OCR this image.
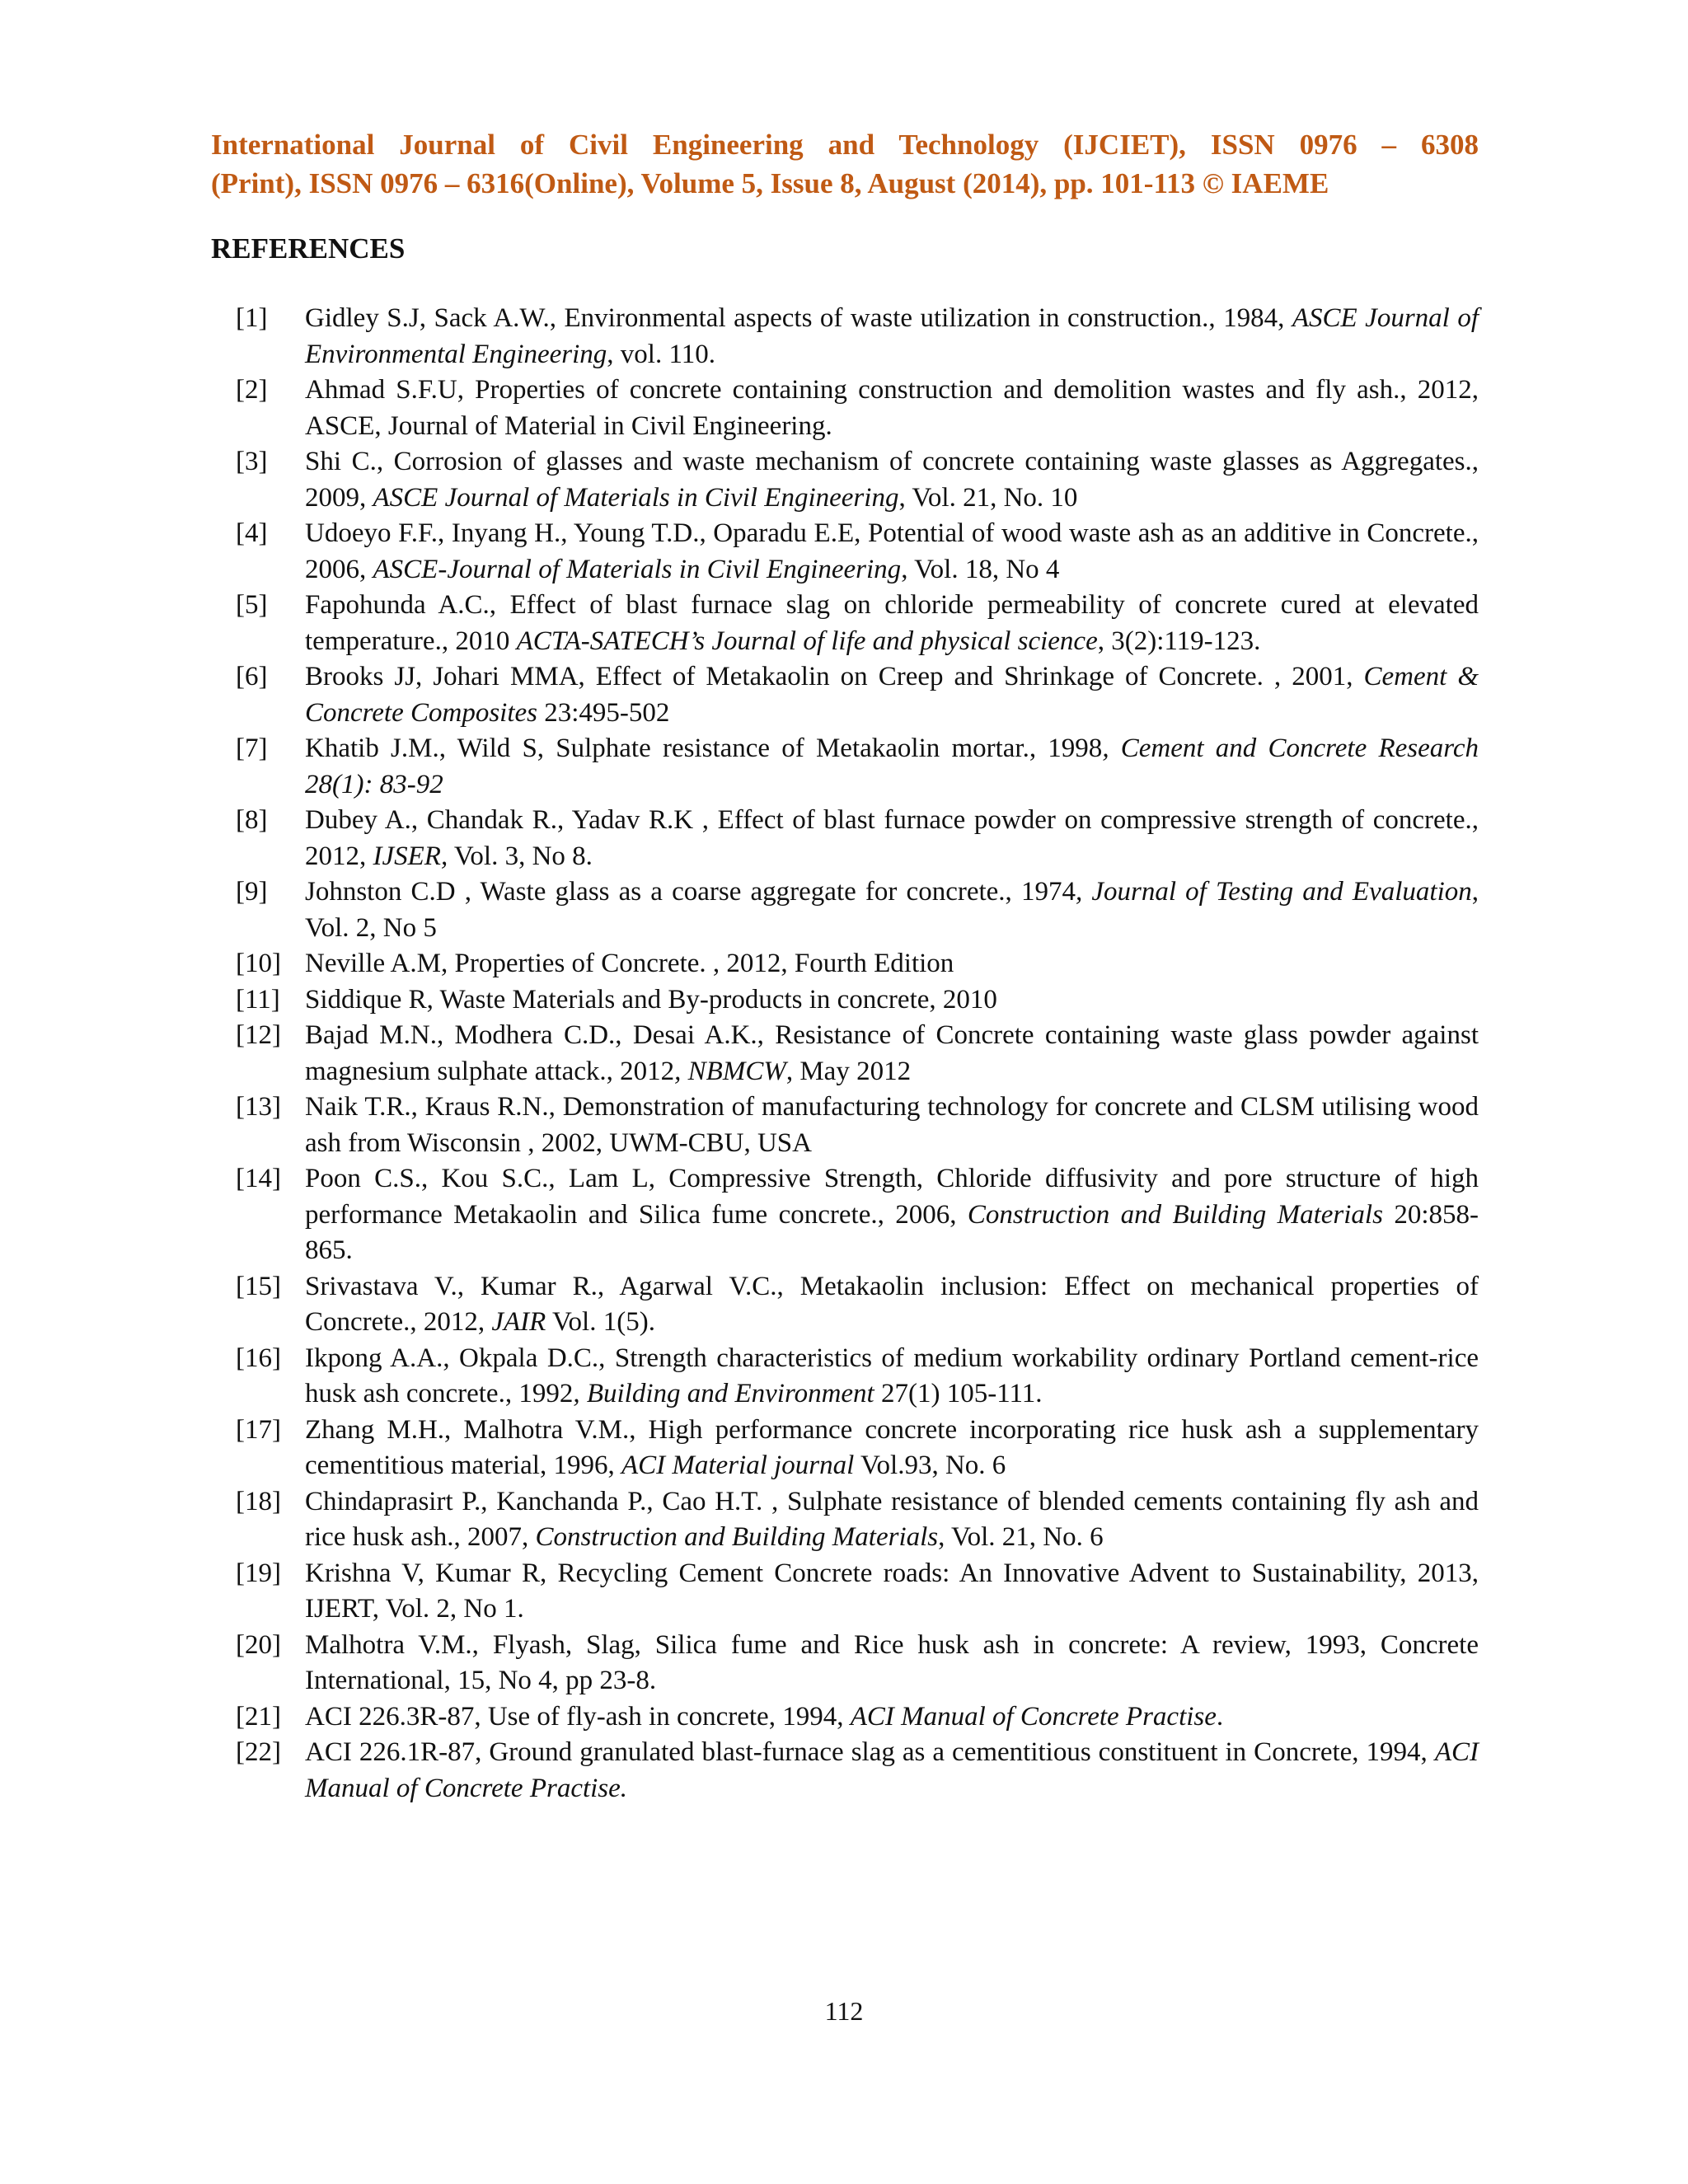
International Journal of Civil Engineering and Technology (IJCIET), ISSN 0976 – 6308
(Print), ISSN 0976 – 6316(Online), Volume 5, Issue 8, August (2014), pp. 101-113 © IAEME
REFERENCES
[1]	Gidley S.J, Sack A.W., Environmental aspects of waste utilization in construction., 1984, ASCE Journal of Environmental Engineering, vol. 110.
[2]	Ahmad S.F.U, Properties of concrete containing construction and demolition wastes and fly ash., 2012, ASCE, Journal of Material in Civil Engineering.
[3]	Shi C., Corrosion of glasses and waste mechanism of concrete containing waste glasses as Aggregates., 2009, ASCE Journal of Materials in Civil Engineering, Vol. 21, No. 10
[4]	Udoeyo F.F., Inyang H., Young T.D., Oparadu E.E, Potential of wood waste ash as an additive in Concrete., 2006, ASCE-Journal of Materials in Civil Engineering, Vol. 18, No 4
[5]	Fapohunda A.C., Effect of blast furnace slag on chloride permeability of concrete cured at elevated temperature., 2010 ACTA-SATECH’s Journal of life and physical science, 3(2):119-123.
[6]	Brooks JJ, Johari MMA, Effect of Metakaolin on Creep and Shrinkage of Concrete. , 2001, Cement & Concrete Composites 23:495-502
[7]	Khatib J.M., Wild S, Sulphate resistance of Metakaolin mortar., 1998, Cement and Concrete Research 28(1): 83-92
[8]	Dubey A., Chandak R., Yadav R.K , Effect of blast furnace powder on compressive strength of concrete., 2012, IJSER, Vol. 3, No 8.
[9]	Johnston C.D , Waste glass as a coarse aggregate for concrete., 1974, Journal of Testing and Evaluation, Vol. 2, No 5
[10] Neville A.M, Properties of Concrete. , 2012, Fourth Edition
[11] Siddique R, Waste Materials and By-products in concrete, 2010
[12] Bajad M.N., Modhera C.D., Desai A.K., Resistance of Concrete containing waste glass powder against magnesium sulphate attack., 2012, NBMCW, May 2012
[13] Naik T.R., Kraus R.N., Demonstration of manufacturing technology for concrete and CLSM utilising wood ash from Wisconsin , 2002, UWM-CBU, USA
[14] Poon C.S., Kou S.C., Lam L, Compressive Strength, Chloride diffusivity and pore structure of high performance Metakaolin and Silica fume concrete., 2006, Construction and Building Materials 20:858-865.
[15] Srivastava V., Kumar R., Agarwal V.C., Metakaolin inclusion: Effect on mechanical properties of Concrete., 2012, JAIR Vol. 1(5).
[16] Ikpong A.A., Okpala D.C., Strength characteristics of medium workability ordinary Portland cement-rice husk ash concrete., 1992, Building and Environment 27(1) 105-111.
[17] Zhang M.H., Malhotra V.M., High performance concrete incorporating rice husk ash a supplementary cementitious material, 1996, ACI Material journal Vol.93, No. 6
[18] Chindaprasirt P., Kanchanda P., Cao H.T. , Sulphate resistance of blended cements containing fly ash and rice husk ash., 2007, Construction and Building Materials, Vol. 21, No. 6
[19] Krishna V, Kumar R, Recycling Cement Concrete roads: An Innovative Advent to Sustainability, 2013, IJERT, Vol. 2, No 1.
[20] Malhotra V.M., Flyash, Slag, Silica fume and Rice husk ash in concrete: A review, 1993, Concrete International, 15, No 4, pp 23-8.
[21] ACI 226.3R-87, Use of fly-ash in concrete, 1994, ACI Manual of Concrete Practise.
[22] ACI 226.1R-87, Ground granulated blast-furnace slag as a cementitious constituent in Concrete, 1994, ACI Manual of Concrete Practise.
112
